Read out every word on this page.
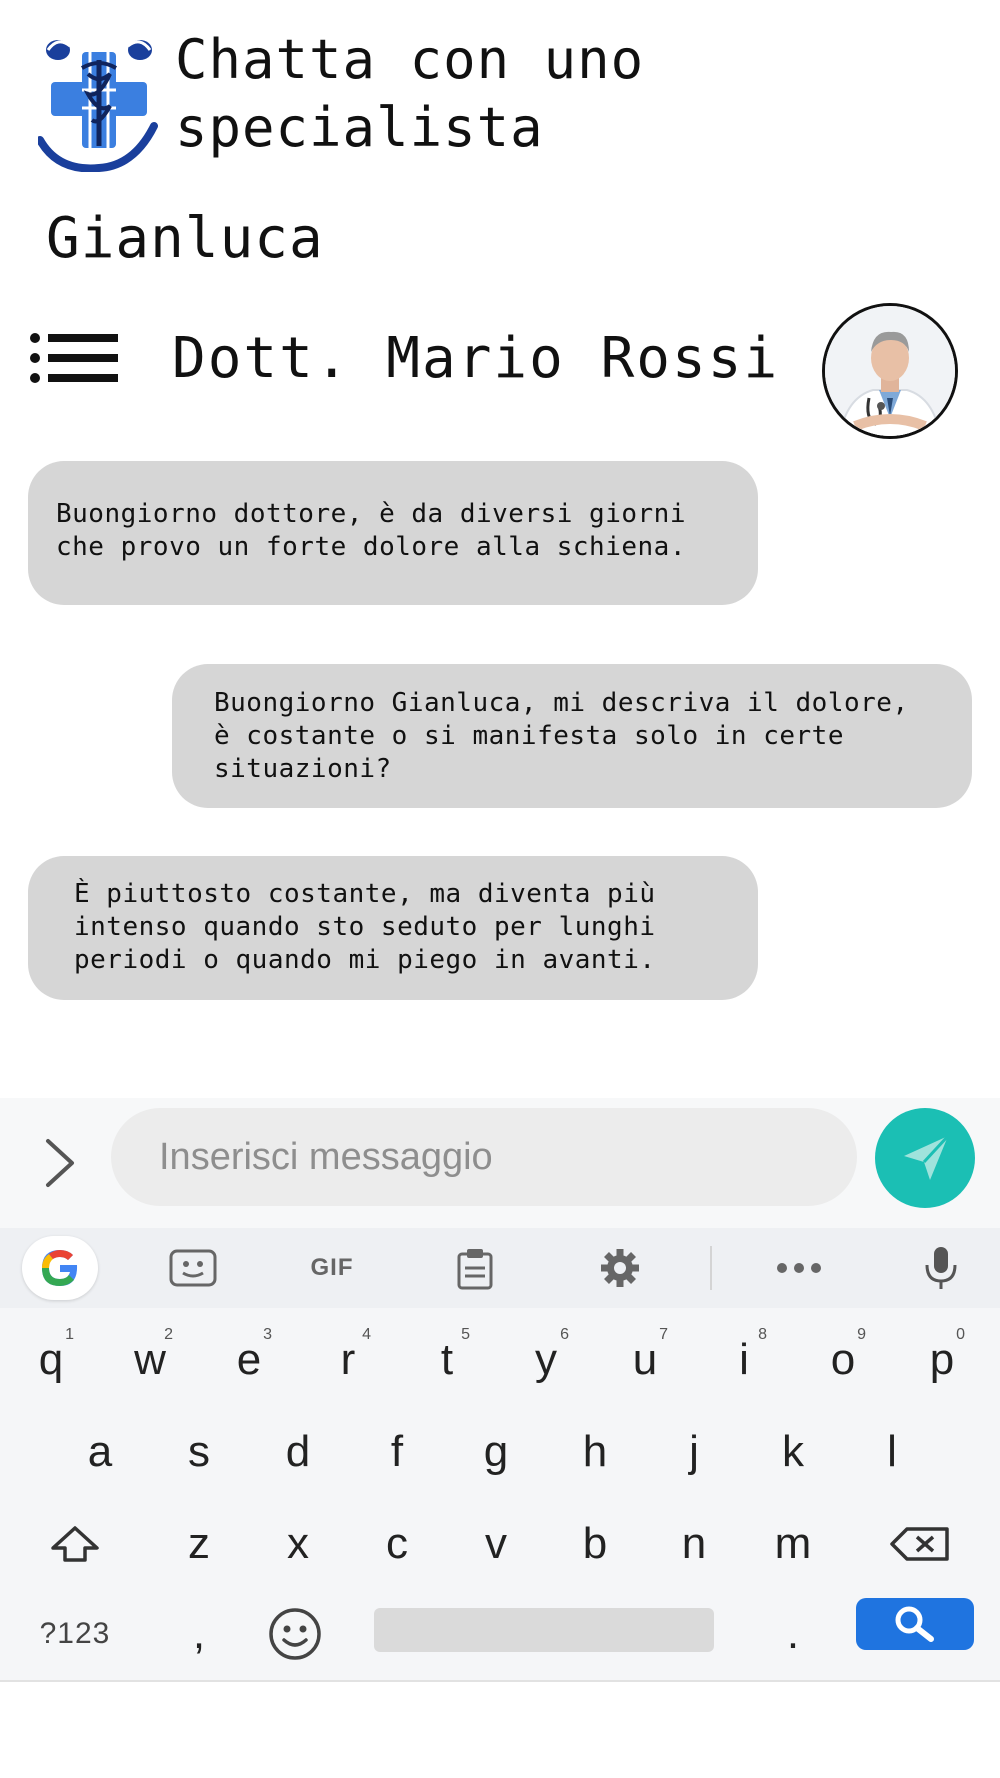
Chatta con uno specialista
Gianluca
Dott. Mario Rossi
Buongiorno dottore, è da diversi giorni che provo un forte dolore alla schiena.
Buongiorno Gianluca, mi descriva il dolore, è costante o si manifesta solo in certe situazioni?
È piuttosto costante, ma diventa più intenso quando sto seduto per lunghi periodi o quando mi piego in avanti.
Inserisci messaggio
GIF
q
1
w
2
e
3
r
4
t
5
y
6
u
7
i
8
o
9
p
0
a	s	d	f	g	h	j	k	l
z	x	c	v	b	n	m
?123	,	.
